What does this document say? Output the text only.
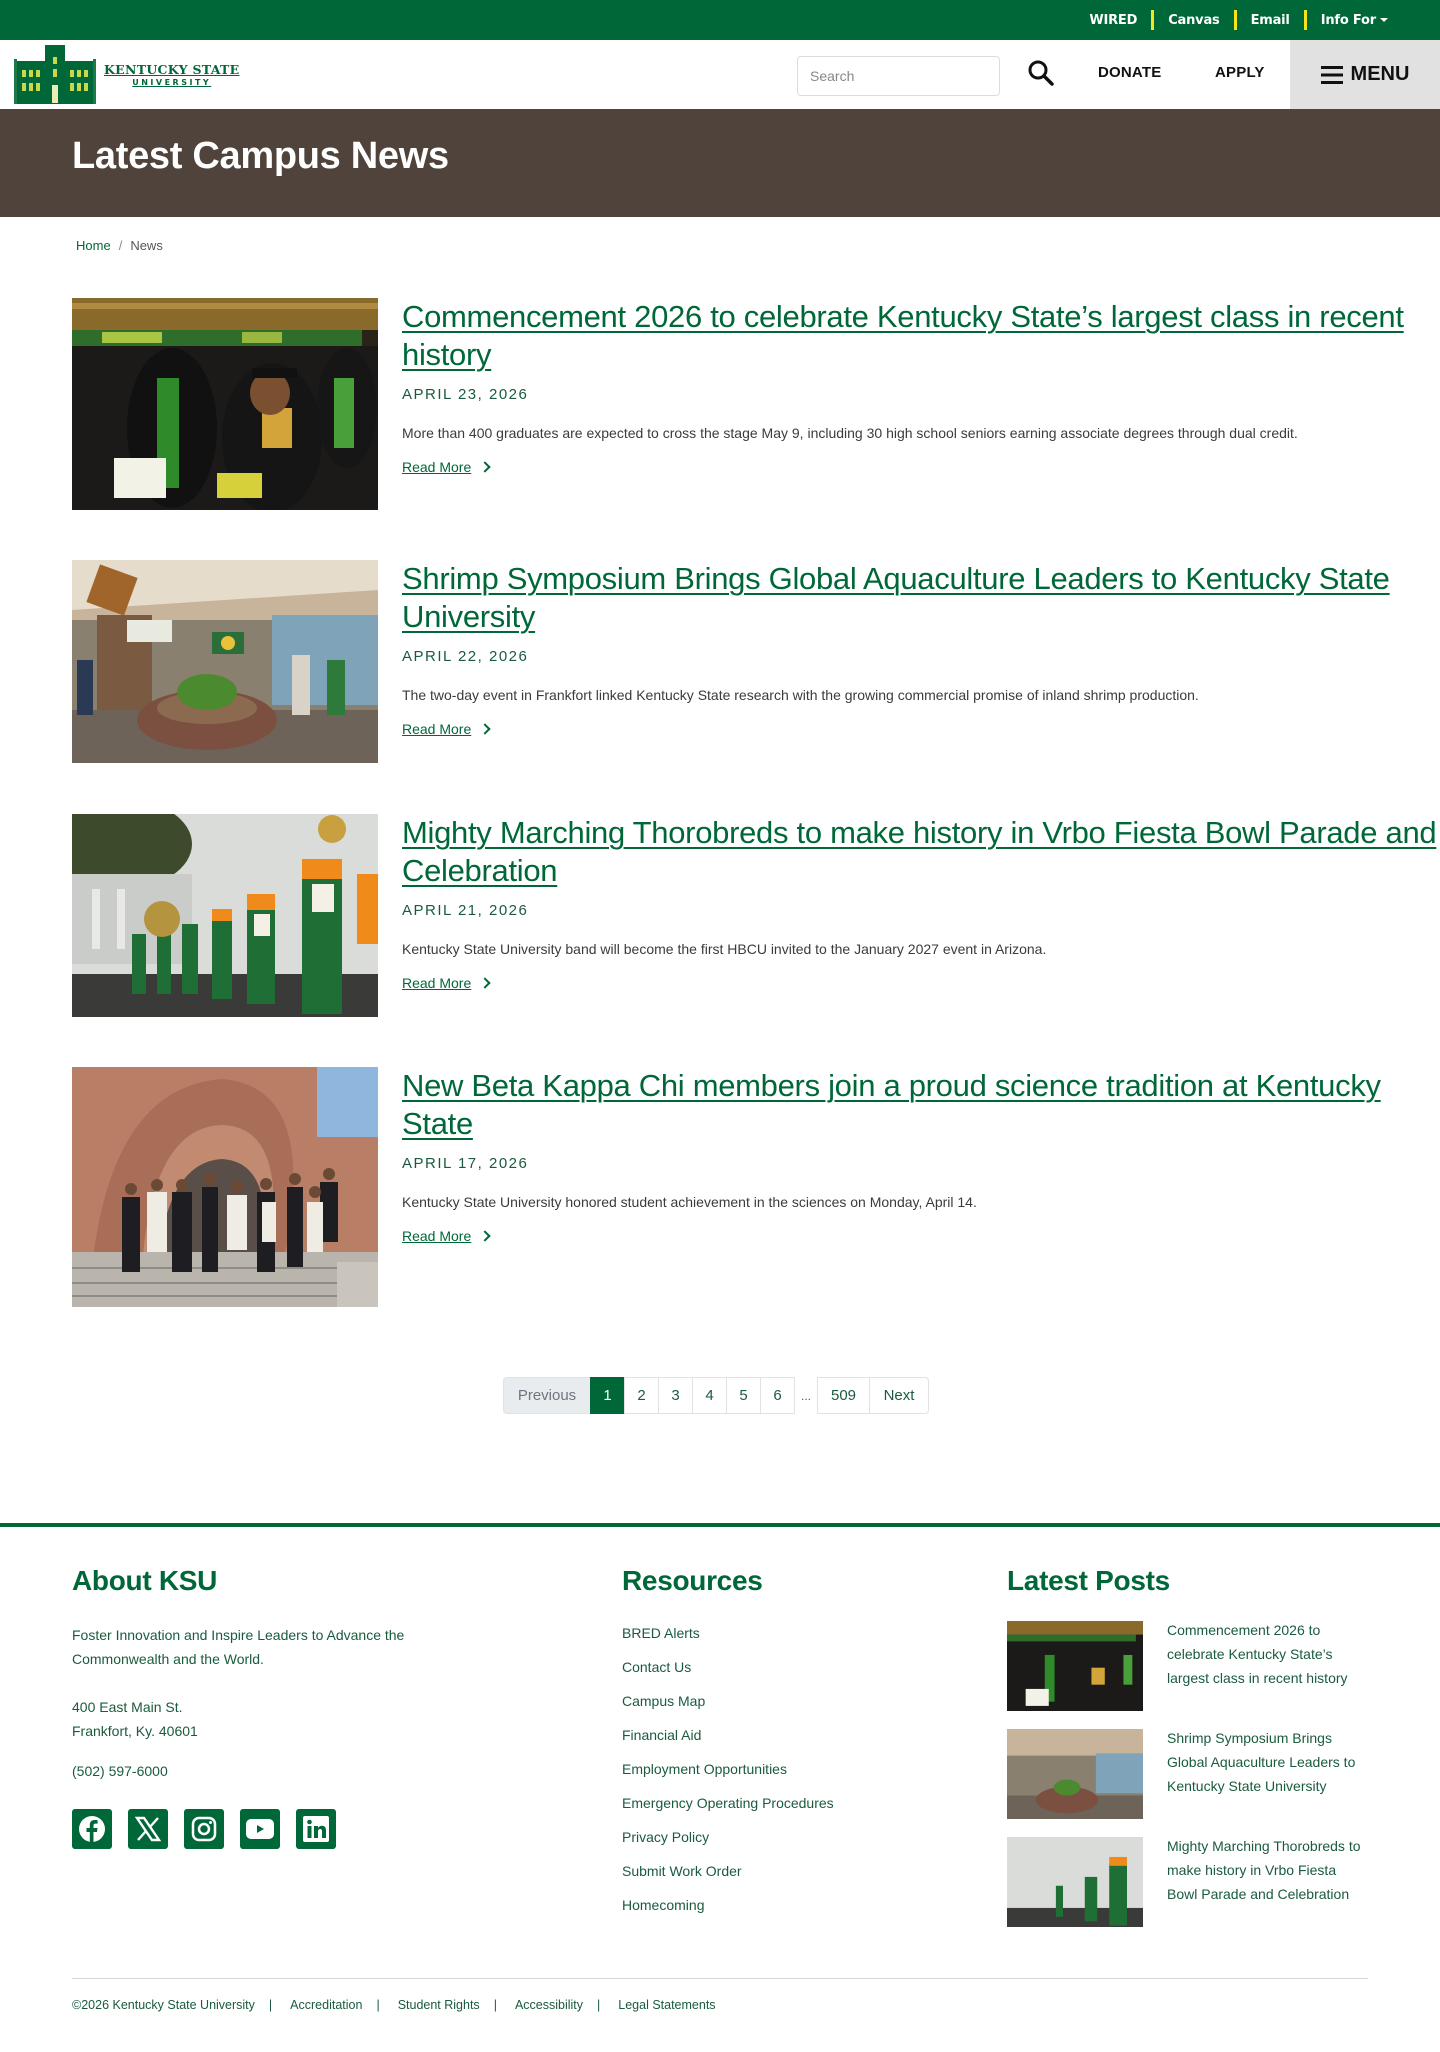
WIRED	Canvas	Email	Info For
KENTUCKY STATE
UNIVERSITY
Search
DONATE	APPLY	MENU
Latest Campus News
Home / News
Commencement 2026 to celebrate Kentucky State’s largest class in recent history
APRIL 23, 2026

More than 400 graduates are expected to cross the stage May 9, including 30 high school seniors earning associate degrees through dual credit.

Read More
Shrimp Symposium Brings Global Aquaculture Leaders to Kentucky State University
APRIL 22, 2026

The two-day event in Frankfort linked Kentucky State research with the growing commercial promise of inland shrimp production.

Read More
Mighty Marching Thorobreds to make history in Vrbo Fiesta Bowl Parade and Celebration
APRIL 21, 2026

Kentucky State University band will become the first HBCU invited to the January 2027 event in Arizona.

Read More
New Beta Kappa Chi members join a proud science tradition at Kentucky State
APRIL 17, 2026

Kentucky State University honored student achievement in the sciences on Monday, April 14.

Read More
Previous	1	2	3	4	5	6	...	509	Next
About KSU

Foster Innovation and Inspire Leaders to Advance the Commonwealth and the World.

400 East Main St.

Frankfort, Ky. 40601

(502) 597-6000
Resources
BRED Alerts
Contact Us
Campus Map
Financial Aid
Employment Opportunities
Emergency Operating Procedures
Privacy Policy
Submit Work Order
Homecoming
Latest Posts
Commencement 2026 to celebrate Kentucky State’s largest class in recent history
Shrimp Symposium Brings Global Aquaculture Leaders to Kentucky State University
Mighty Marching Thorobreds to make history in Vrbo Fiesta Bowl Parade and Celebration
©2026 Kentucky State University | Accreditation | Student Rights | Accessibility | Legal Statements
